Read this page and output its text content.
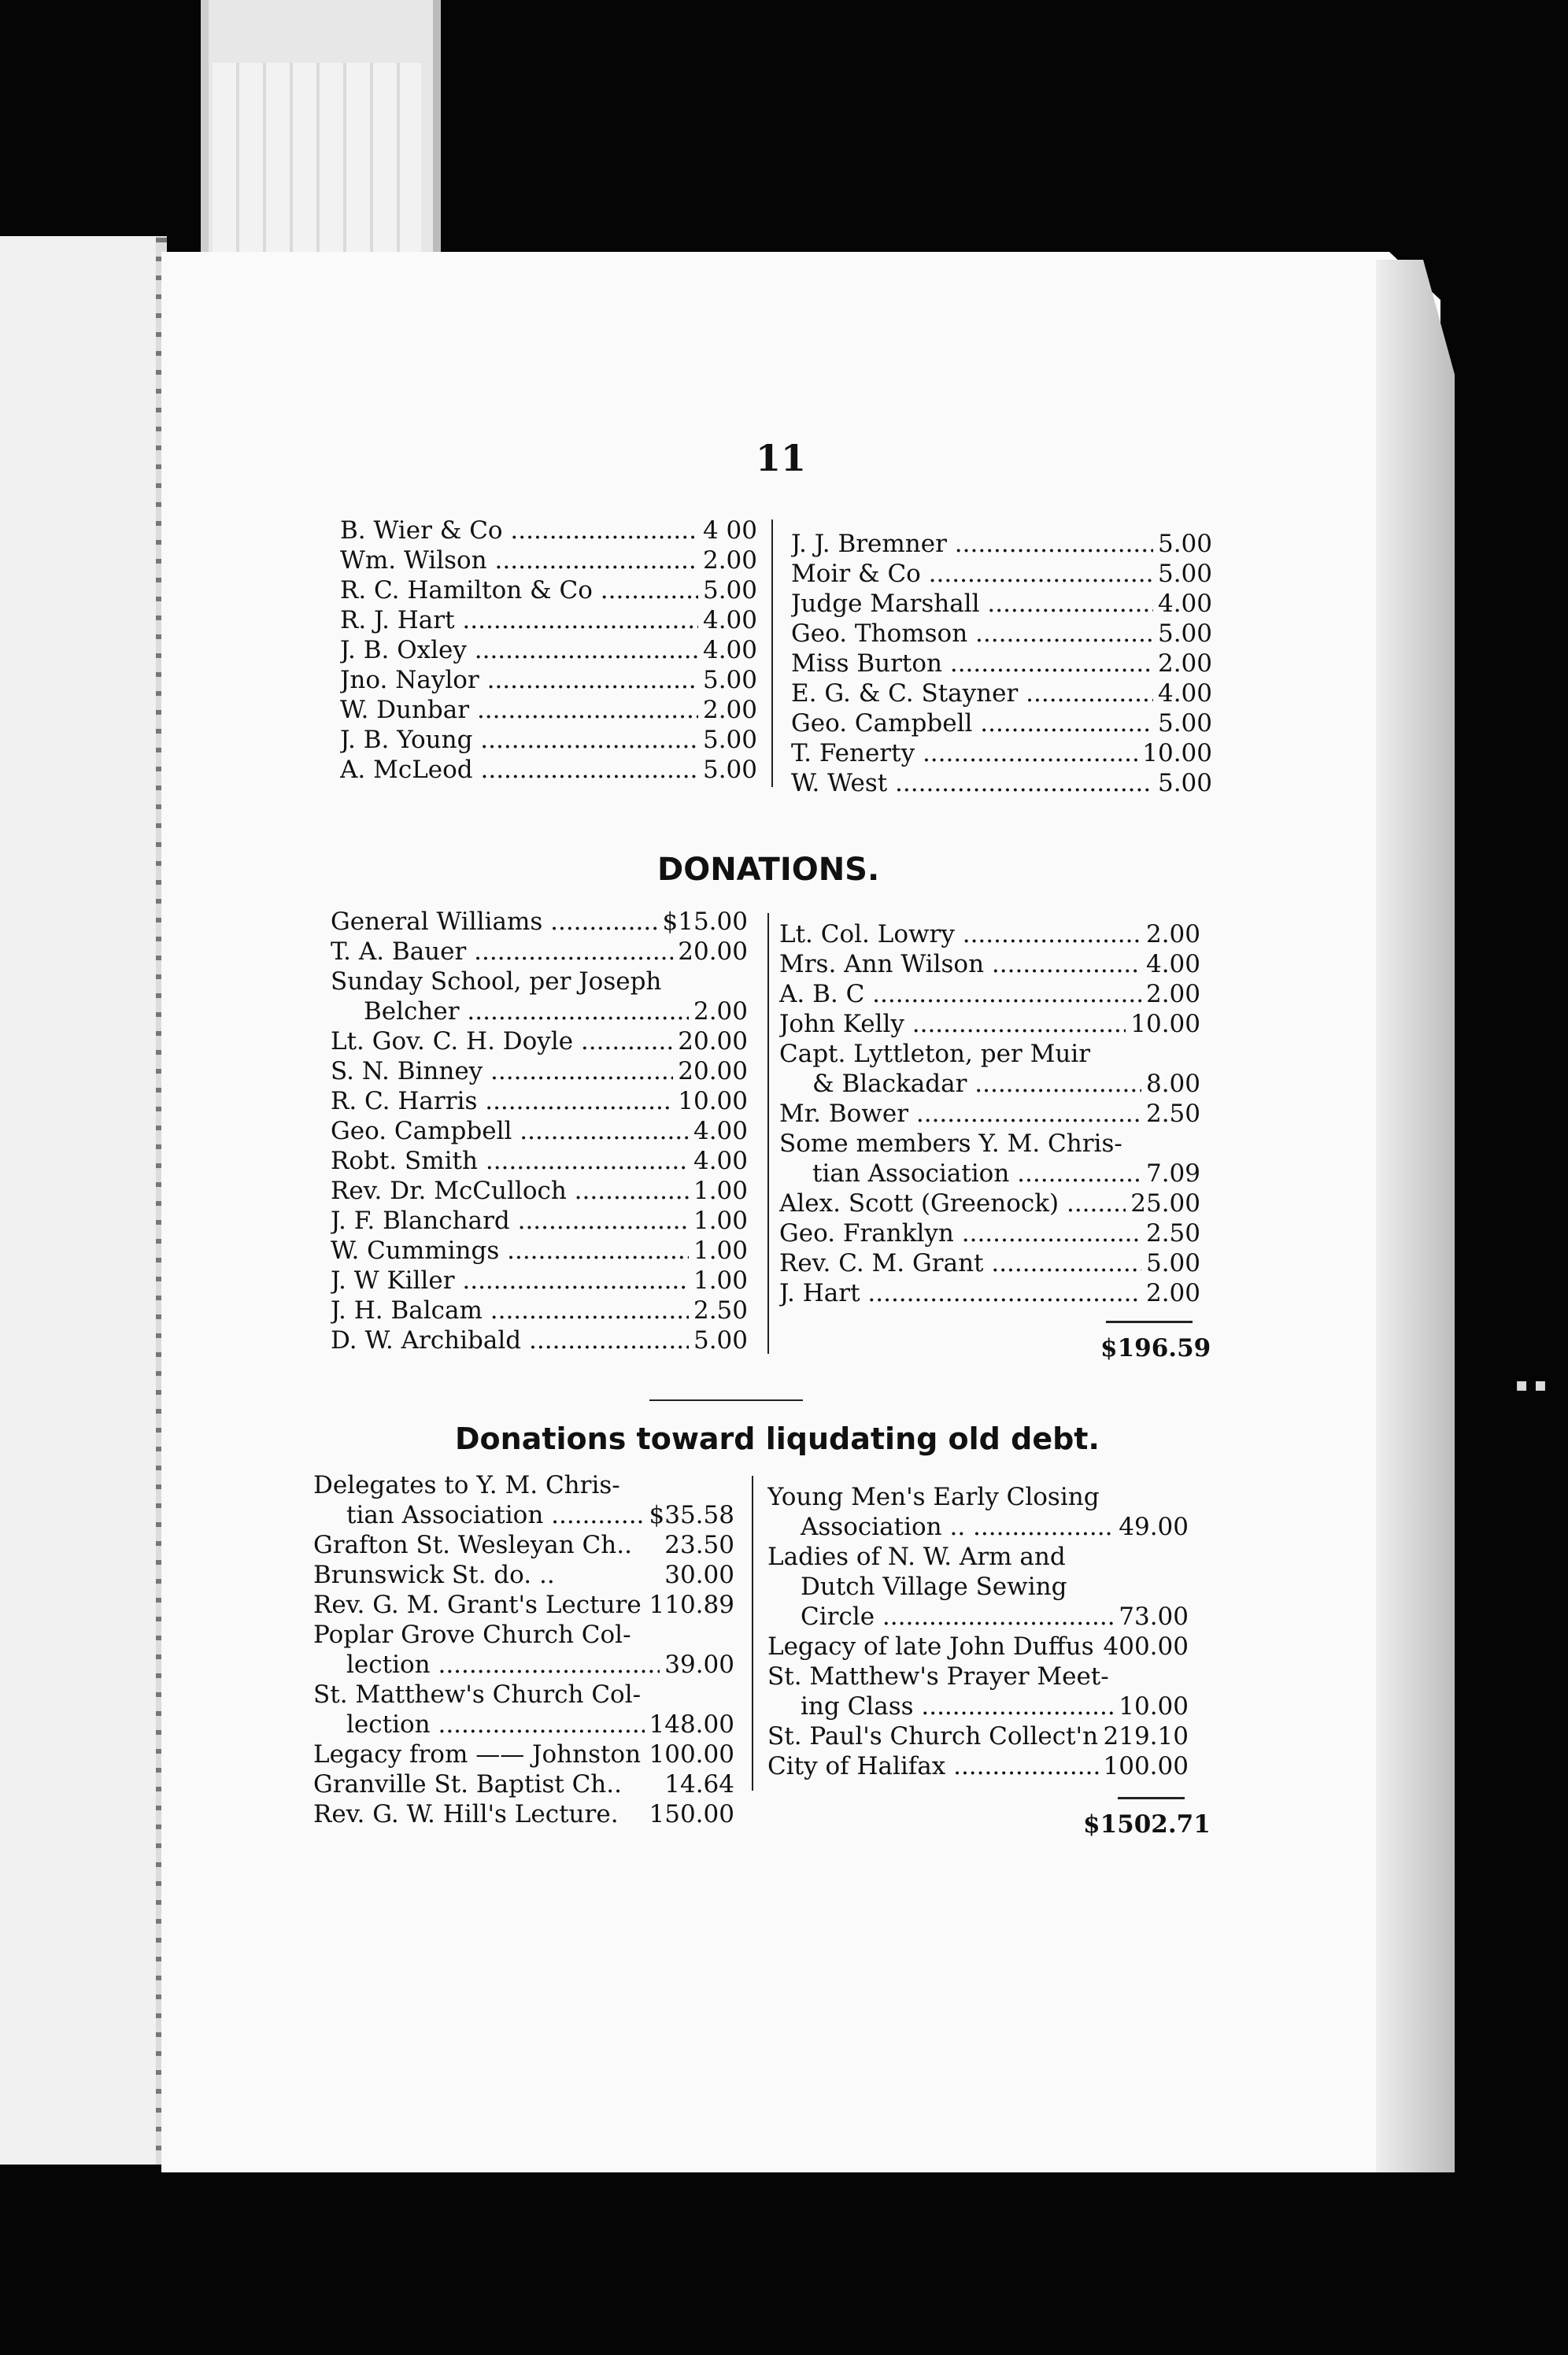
▪ ▪
11
B. Wier & Co .....	4 00
Wm. Wilson .....	2.00
R. C. Hamilton & Co .....	5.00
R. J. Hart .....	4.00
J. B. Oxley .....	4.00
Jno. Naylor .....	5.00
W. Dunbar .....	2.00
J. B. Young .....	5.00
A. McLeod .....	5.00
J. J. Bremner .....	5.00
Moir & Co .....	5.00
Judge Marshall .....	4.00
Geo. Thomson .....	5.00
Miss Burton .....	2.00
E. G. & C. Stayner .....	4.00
Geo. Campbell .....	5.00
T. Fenerty .....	10.00
W. West .....	5.00
DONATIONS.
General Williams .....	$15.00
T. A. Bauer .....	20.00
Sunday School, per Joseph
Belcher .....	2.00
Lt. Gov. C. H. Doyle .....	20.00
S. N. Binney .....	20.00
R. C. Harris .....	10.00
Geo. Campbell .....	4.00
Robt. Smith .....	4.00
Rev. Dr. McCulloch .....	1.00
J. F. Blanchard .....	1.00
W. Cummings .....	1.00
J. W Killer .....	1.00
J. H. Balcam .....	2.50
D. W. Archibald .....	5.00
Lt. Col. Lowry .....	2.00
Mrs. Ann Wilson .....	4.00
A. B. C .....	2.00
John Kelly .....	10.00
Capt. Lyttleton, per Muir
& Blackadar .....	8.00
Mr. Bower .....	2.50
Some members Y. M. Chris-
tian Association .....	7.09
Alex. Scott (Greenock) .....	25.00
Geo. Franklyn .....	2.50
Rev. C. M. Grant .....	5.00
J. Hart .....	2.00
$196.59
Donations toward liqudating old debt.
Delegates to Y. M. Chris-
tian Association .....	$35.58
Grafton St. Wesleyan Ch..	23.50
Brunswick St. do. ..	30.00
Rev. G. M. Grant's Lecture 110.89
Poplar Grove Church Col-
lection .....	39.00
St. Matthew's Church Col-
lection .....	148.00
Legacy from —— Johnston 100.00
Granville St. Baptist Ch..	14.64
Rev. G. W. Hill's Lecture.	150.00
Young Men's Early Closing
Association .. .....	49.00
Ladies of N. W. Arm and
Dutch Village Sewing
Circle .....	73.00
Legacy of late John Duffus 400.00
St. Matthew's Prayer Meet-
ing Class .....	10.00
St. Paul's Church Collect'n 219.10
City of Halifax .....	100.00
$1502.71
